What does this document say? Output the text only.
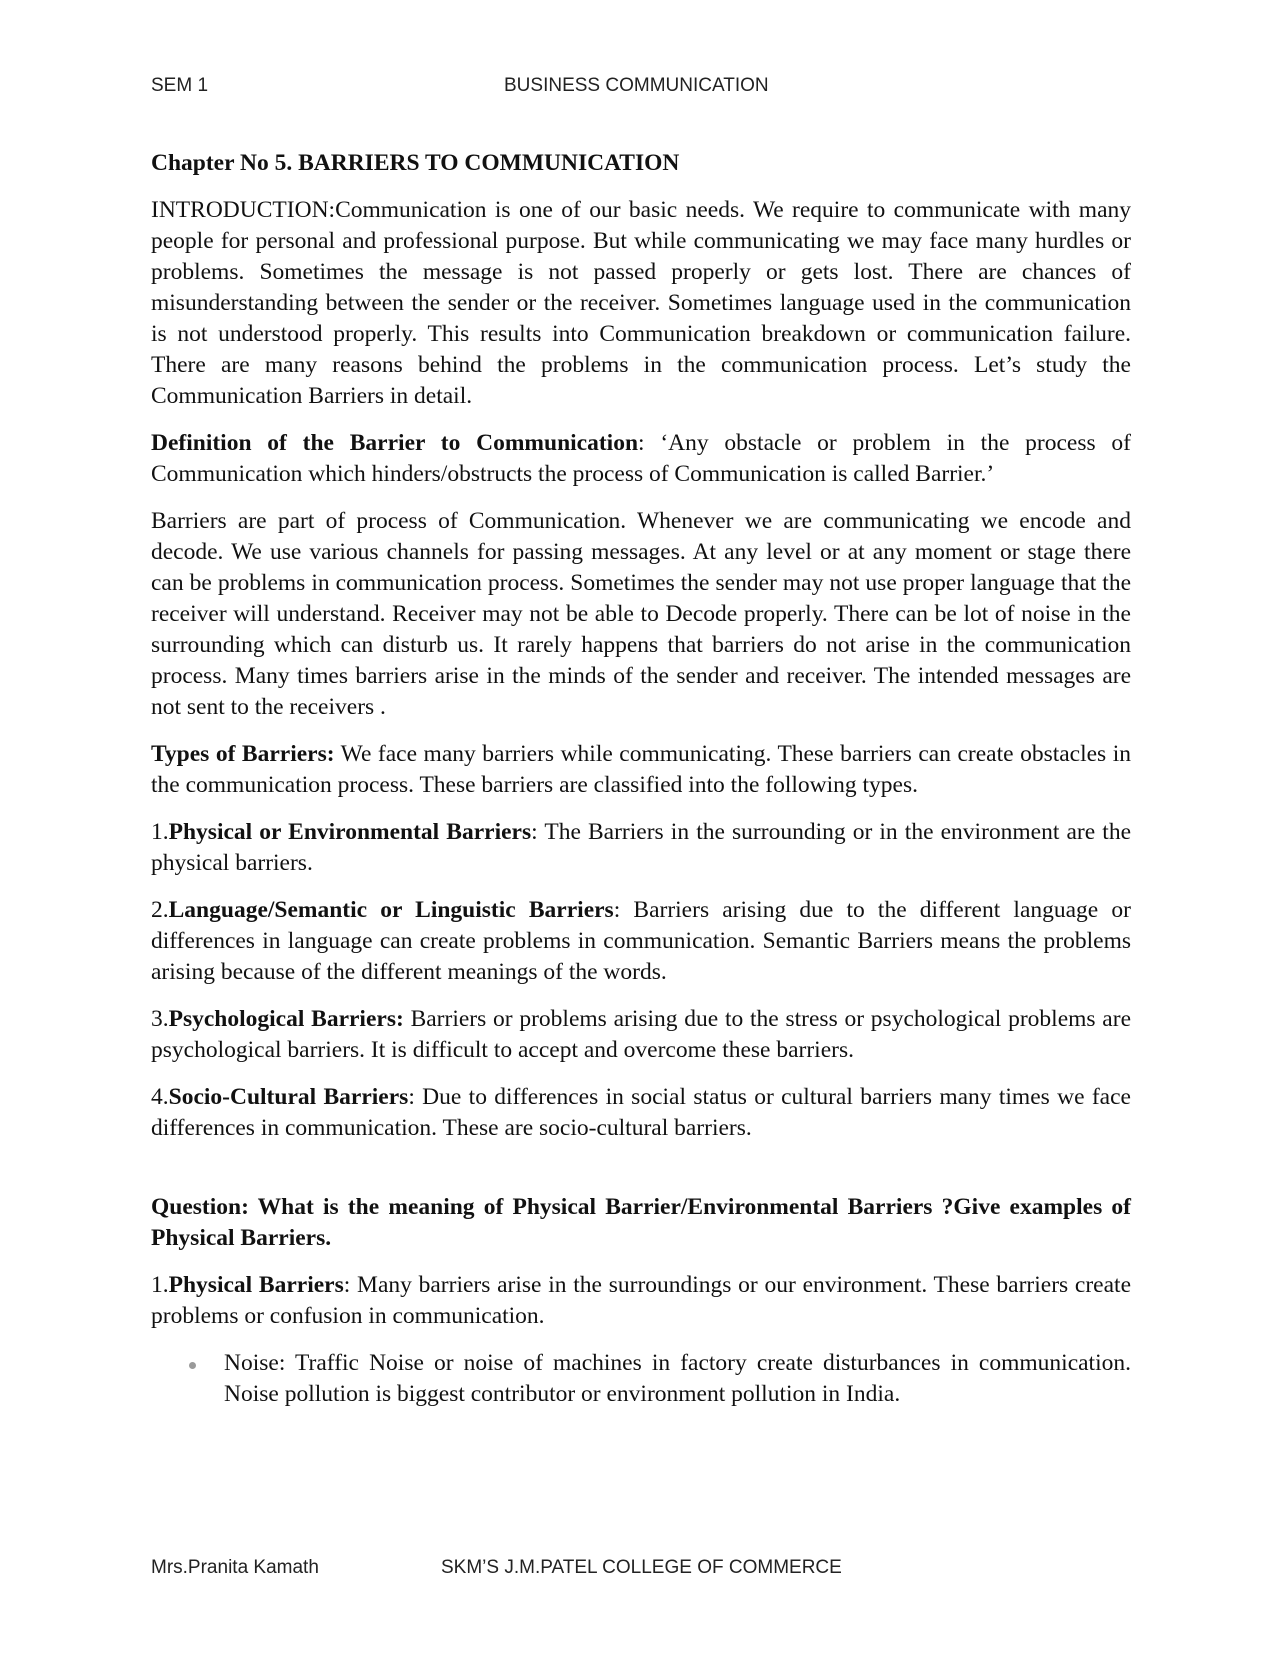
SEM 1	BUSINESS COMMUNICATION

Chapter No 5. BARRIERS TO COMMUNICATION

INTRODUCTION:Communication is one of our basic needs. We require to communicate with many people for personal and professional purpose. But while communicating we may face many hurdles or problems. Sometimes the message is not passed properly or gets lost. There are chances of misunderstanding between the sender or the receiver. Sometimes language used in the communication is not understood properly. This results into Communication breakdown or communication failure. There are many reasons behind the problems in the communication process. Let’s study the Communication Barriers in detail.

Definition of the Barrier to Communication: ‘Any obstacle or problem in the process of Communication which hinders/obstructs the process of Communication is called Barrier.’

Barriers are part of process of Communication. Whenever we are communicating we encode and decode. We use various channels for passing messages. At any level or at any moment or stage there can be problems in communication process. Sometimes the sender may not use proper language that the receiver will understand. Receiver may not be able to Decode properly. There can be lot of noise in the surrounding which can disturb us. It rarely happens that barriers do not arise in the communication process. Many times barriers arise in the minds of the sender and receiver. The intended messages are not sent to the receivers .

Types of Barriers: We face many barriers while communicating. These barriers can create obstacles in the communication process. These barriers are classified into the following types.

1.Physical or Environmental Barriers: The Barriers in the surrounding or in the environment are the physical barriers.

2.Language/Semantic or Linguistic Barriers: Barriers arising due to the different language or differences in language can create problems in communication. Semantic Barriers means the problems arising because of the different meanings of the words.

3.Psychological Barriers: Barriers or problems arising due to the stress or psychological problems are psychological barriers. It is difficult to accept and overcome these barriers.

4.Socio-Cultural Barriers: Due to differences in social status or cultural barriers many times we face differences in communication. These are socio-cultural barriers.

Question: What is the meaning of Physical Barrier/Environmental Barriers ?Give examples of Physical Barriers.

1.Physical Barriers: Many barriers arise in the surroundings or our environment. These barriers create problems or confusion in communication.

Noise: Traffic Noise or noise of machines in factory create disturbances in communication. Noise pollution is biggest contributor or environment pollution in India.
Mrs.Pranita Kamath	SKM’S J.M.PATEL COLLEGE OF COMMERCE
